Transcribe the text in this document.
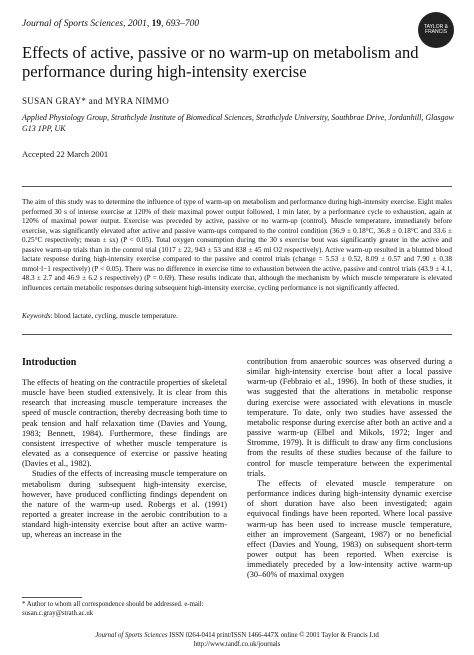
Journal of Sports Sciences, 2001, 19, 693–700	TAYLOR & FRANCIS
Effects of active, passive or no warm-up on metabolism and performance during high-intensity exercise
SUSAN GRAY* and MYRA NIMMO
Applied Physiology Group, Strathclyde Institute of Biomedical Sciences, Strathclyde University, Southbrae Drive, Jordanhill, Glasgow G13 1PP, UK
Accepted 22 March 2001
The aim of this study was to determine the influence of type of warm-up on metabolism and performance during high-intensity exercise. Eight males performed 30 s of intense exercise at 120% of their maximal power output followed, 1 min later, by a performance cycle to exhaustion, again at 120% of maximal power output. Exercise was preceded by active, passive or no warm-up (control). Muscle temperature, immediately before exercise, was significantly elevated after active and passive warm-ups compared to the control condition (36.9 ± 0.18°C, 36.8 ± 0.18°C and 33.6 ± 0.25°C respectively; mean ± sx) (P < 0.05). Total oxygen consumption during the 30 s exercise bout was significantly greater in the active and passive warm-up trials than in the control trial (1017 ± 22, 943 ± 53 and 838 ± 45 ml O2 respectively). Active warm-up resulted in a blunted blood lactate response during high-intensity exercise compared to the passive and control trials (change = 5.53 ± 0.52, 8.09 ± 0.57 and 7.90 ± 0.38 mmol·l−1 respectively) (P < 0.05). There was no difference in exercise time to exhaustion between the active, passive and control trials (43.9 ± 4.1, 48.3 ± 2.7 and 46.9 ± 6.2 s respectively) (P = 0.69). These results indicate that, although the mechanism by which muscle temperature is elevated influences certain metabolic responses during subsequent high-intensity exercise, cycling performance is not significantly affected.
Keywords: blood lactate, cycling, muscle temperature.
Introduction

The effects of heating on the contractile properties of skeletal muscle have been studied extensively. It is clear from this research that increasing muscle temperature increases the speed of muscle contraction, thereby decreasing both time to peak tension and half relaxation time (Davies and Young, 1983; Bennett, 1984). Furthermore, these findings are consistent irrespective of whether muscle temperature is elevated as a consequence of exercise or passive heating (Davies et al., 1982).

Studies of the effects of increasing muscle temperature on metabolism during subsequent high-intensity exercise, however, have produced conflicting findings dependent on the nature of the warm-up used. Robergs et al. (1991) reported a greater increase in the aerobic contribution to a standard high-intensity exercise bout after an active warm-up, whereas an increase in the

contribution from anaerobic sources was observed during a similar high-intensity exercise bout after a local passive warm-up (Febbraio et al., 1996). In both of these studies, it was suggested that the alterations in metabolic response during exercise were associated with elevations in muscle temperature. To date, only two studies have assessed the metabolic response during exercise after both an active and a passive warm-up (Elbel and Mikols, 1972; Inger and Stromme, 1979). It is difficult to draw any firm conclusions from the results of these studies because of the failure to control for muscle temperature between the experimental trials.

The effects of elevated muscle temperature on performance indices during high-intensity dynamic exercise of short duration have also been investigated; again equivocal findings have been reported. Where local passive warm-up has been used to increase muscle temperature, either an improvement (Sargeant, 1987) or no beneficial effect (Davies and Young, 1983) on subsequent short-term power output has been reported. When exercise is immediately preceded by a low-intensity active warm-up (30–60% of maximal oxygen

* Author to whom all correspondence should be addressed. e-mail: susan.c.gray@strath.ac.uk
Journal of Sports Sciences ISSN 0264-0414 print/ISSN 1466-447X online © 2001 Taylor & Francis Ltd
http://www.tandf.co.uk/journals
